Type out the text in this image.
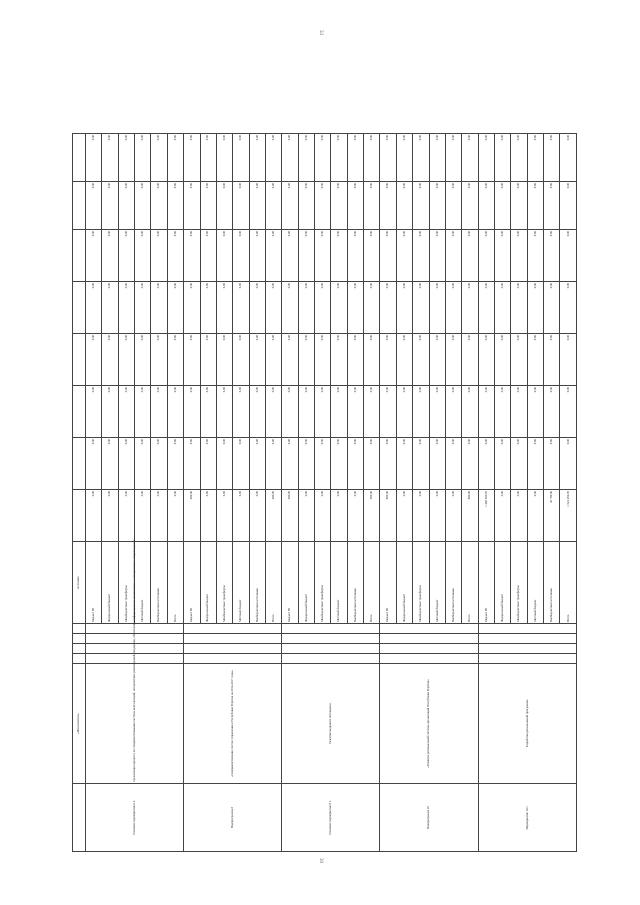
33
	«Исполнитель»					источник								
Основное мероприятие 6.2.	Организация процесса по совершенствованию системы консультаций, методических рекомендаций, поддержки, обеспечения информационно-технического и методического сопровождения					Бюджет РБ	0,00	0,00	0,00	0,00	0,00	0,00	0,00	0,00
						Федеральный бюджет	0,00	0,00	0,00	0,00	0,00	0,00	0,00	0,00
						Межбюджетные трансферты	0,00	0,00	0,00	0,00	0,00	0,00	0,00	0,00
						Местный бюджет	0,00	0,00	0,00	0,00	0,00	0,00	0,00	0,00
						Внебюджетные источники	0,00	0,00	0,00	0,00	0,00	0,00	0,00	0,00
						Всего	0,00	0,00	0,00	0,00	0,00	0,00	0,00	0,00
Подпрограмма 8	«Совершенствование систем управления в Республике Бурятия на 2014-2017 годы»					Бюджет РБ	600,00	0,00	0,00	0,00	0,00	0,00	0,00	0,00
						Федеральный бюджет	0,00	0,00	0,00	0,00	0,00	0,00	0,00	0,00
						Межбюджетные трансферты	0,00	0,00	0,00	0,00	0,00	0,00	0,00	0,00
						Местный бюджет	0,00	0,00	0,00	0,00	0,00	0,00	0,00	0,00
						Внебюджетные источники	0,00	0,00	0,00	0,00	0,00	0,00	0,00	0,00
						Всего	600,00	0,00	0,00	0,00	0,00	0,00	0,00	0,00
Основное мероприятие 8.1.	Развитие кадрового потенциала					Бюджет РБ	500,00	0,00	0,00	0,00	0,00	0,00	0,00	0,00
						Федеральный бюджет	0,00	0,00	0,00	0,00	0,00	0,00	0,00	0,00
						Межбюджетные трансферты	0,00	0,00	0,00	0,00	0,00	0,00	0,00	0,00
						Местный бюджет	0,00	0,00	0,00	0,00	0,00	0,00	0,00	0,00
						Внебюджетные источники	0,00	0,00	0,00	0,00	0,00	0,00	0,00	0,00
						Всего	500,00	0,00	0,00	0,00	0,00	0,00	0,00	0,00
Подпрограмма 10	«Развитие региональной системы организаций Республики Бурятия»					Бюджет РБ	800,00	0,00	0,00	0,00	0,00	0,00	0,00	0,00
						Федеральный бюджет	0,00	0,00	0,00	0,00	0,00	0,00	0,00	0,00
						Межбюджетные трансферты	0,00	0,00	0,00	0,00	0,00	0,00	0,00	0,00
						Местный бюджет	0,00	0,00	0,00	0,00	0,00	0,00	0,00	0,00
						Внебюджетные источники	0,00	0,00	0,00	0,00	0,00	0,00	0,00	0,00
						Всего	800,00	0,00	0,00	0,00	0,00	0,00	0,00	0,00
Мероприятие 10.1.	Разработка региональной программы					Бюджет РБ	1 485 505,95	0,00	0,00	0,00	0,00	0,00	0,00	0,00
						Федеральный бюджет	0,00	0,00	0,00	0,00	0,00	0,00	0,00	0,00
						Межбюджетные трансферты	0,00	0,00	0,00	0,00	0,00	0,00	0,00	0,00
						Местный бюджет	0,00	0,00	0,00	0,00	0,00	0,00	0,00	0,00
						Внебюджетные источники	36 789,00	0,00	0,00	0,00	0,00	0,00	0,00	0,00
						Всего	1 522 294,95	0,00	0,00	0,00	0,00	0,00	0,00	0,00
30
